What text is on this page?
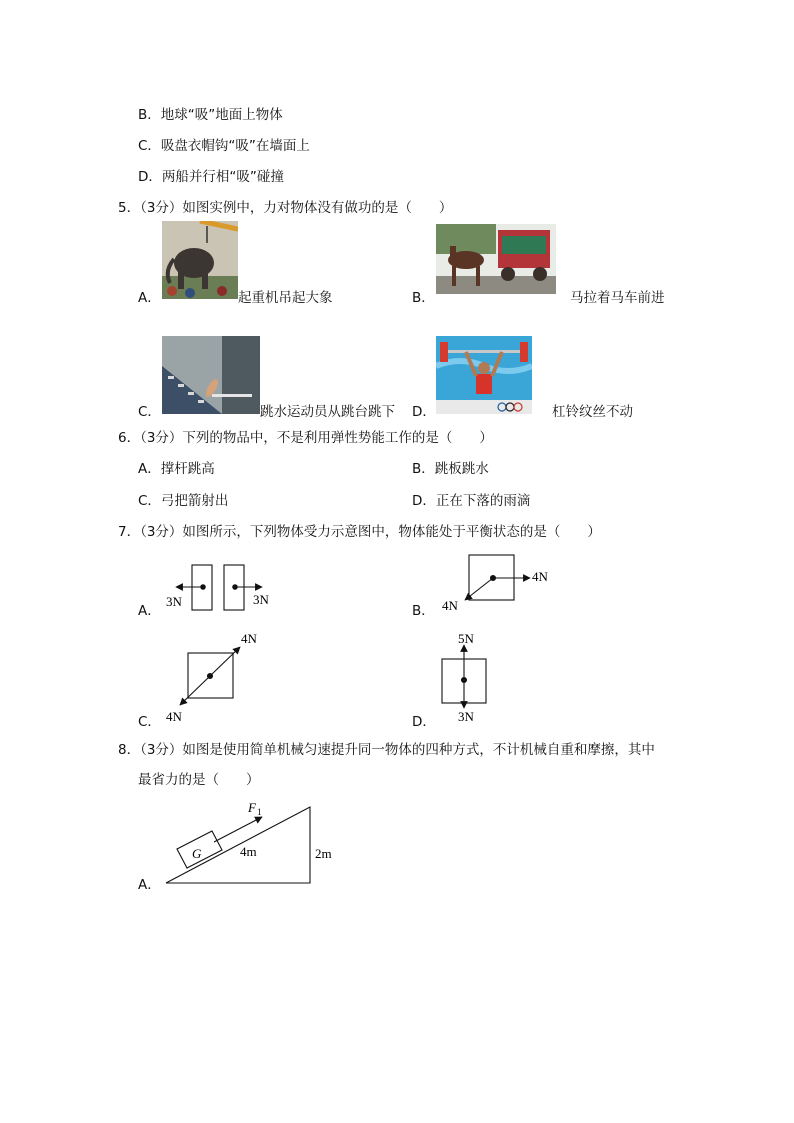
B．地球“吸”地面上物体
C．吸盘衣帽钩“吸”在墙面上
D．两船并行相“吸”碰撞
5．（3分）如图实例中，力对物体没有做功的是（　　）
A．	起重机吊起大象	B．	马拉着马车前进
C．	跳水运动员从跳台跳下 D．	杠铃纹丝不动
6．（3分）下列的物品中，不是利用弹性势能工作的是（　　）
A．撑杆跳高	B．跳板跳水
C．弓把箭射出	D．正在下落的雨滴
7．（3分）如图所示，下列物体受力示意图中，物体能处于平衡状态的是（　　）
3N	3N
4N
4N
4N
4N
5N
3N
F 1
G	4m	2m
A．	B．
C．	D．
8．（3分）如图是使用简单机械匀速提升同一物体的四种方式，不计机械自重和摩擦，其中
最省力的是（　　）
A．
